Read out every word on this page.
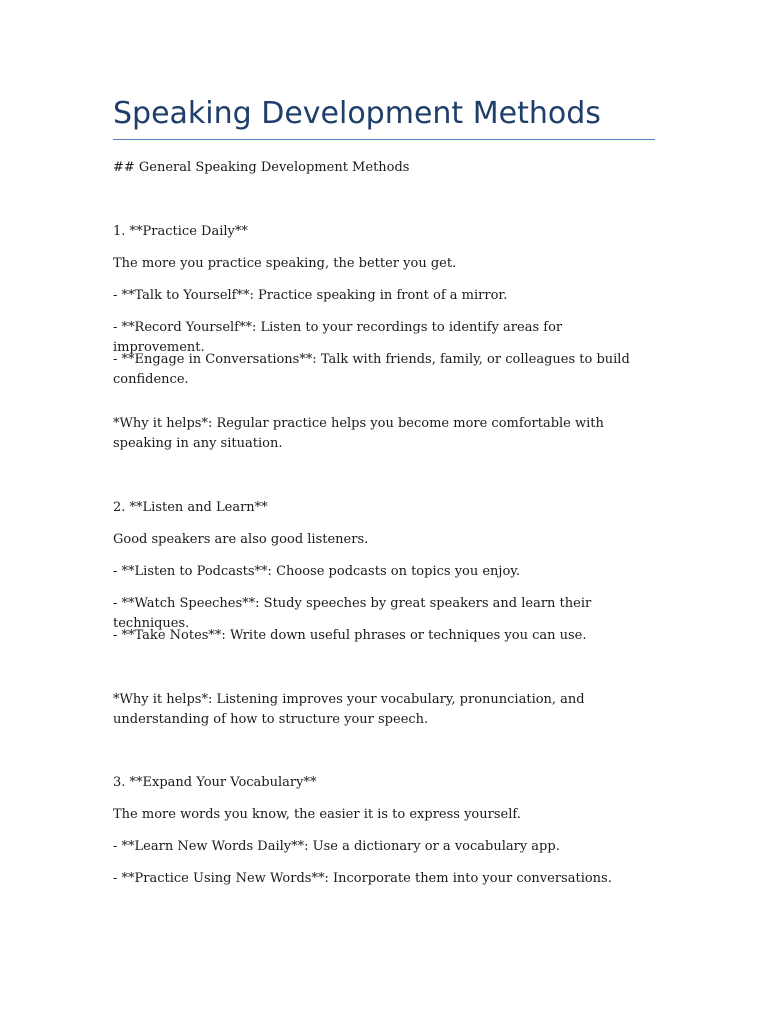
Speaking Development Methods

## General Speaking Development Methods

1. **Practice Daily**

The more you practice speaking, the better you get.

- **Talk to Yourself**: Practice speaking in front of a mirror.

- **Record Yourself**: Listen to your recordings to identify areas for improvement.

- **Engage in Conversations**: Talk with friends, family, or colleagues to build confidence.

*Why it helps*: Regular practice helps you become more comfortable with speaking in any situation.

2. **Listen and Learn**

Good speakers are also good listeners.

- **Listen to Podcasts**: Choose podcasts on topics you enjoy.

- **Watch Speeches**: Study speeches by great speakers and learn their techniques.

- **Take Notes**: Write down useful phrases or techniques you can use.

*Why it helps*: Listening improves your vocabulary, pronunciation, and understanding of how to structure your speech.

3. **Expand Your Vocabulary**

The more words you know, the easier it is to express yourself.

- **Learn New Words Daily**: Use a dictionary or a vocabulary app.

- **Practice Using New Words**: Incorporate them into your conversations.
